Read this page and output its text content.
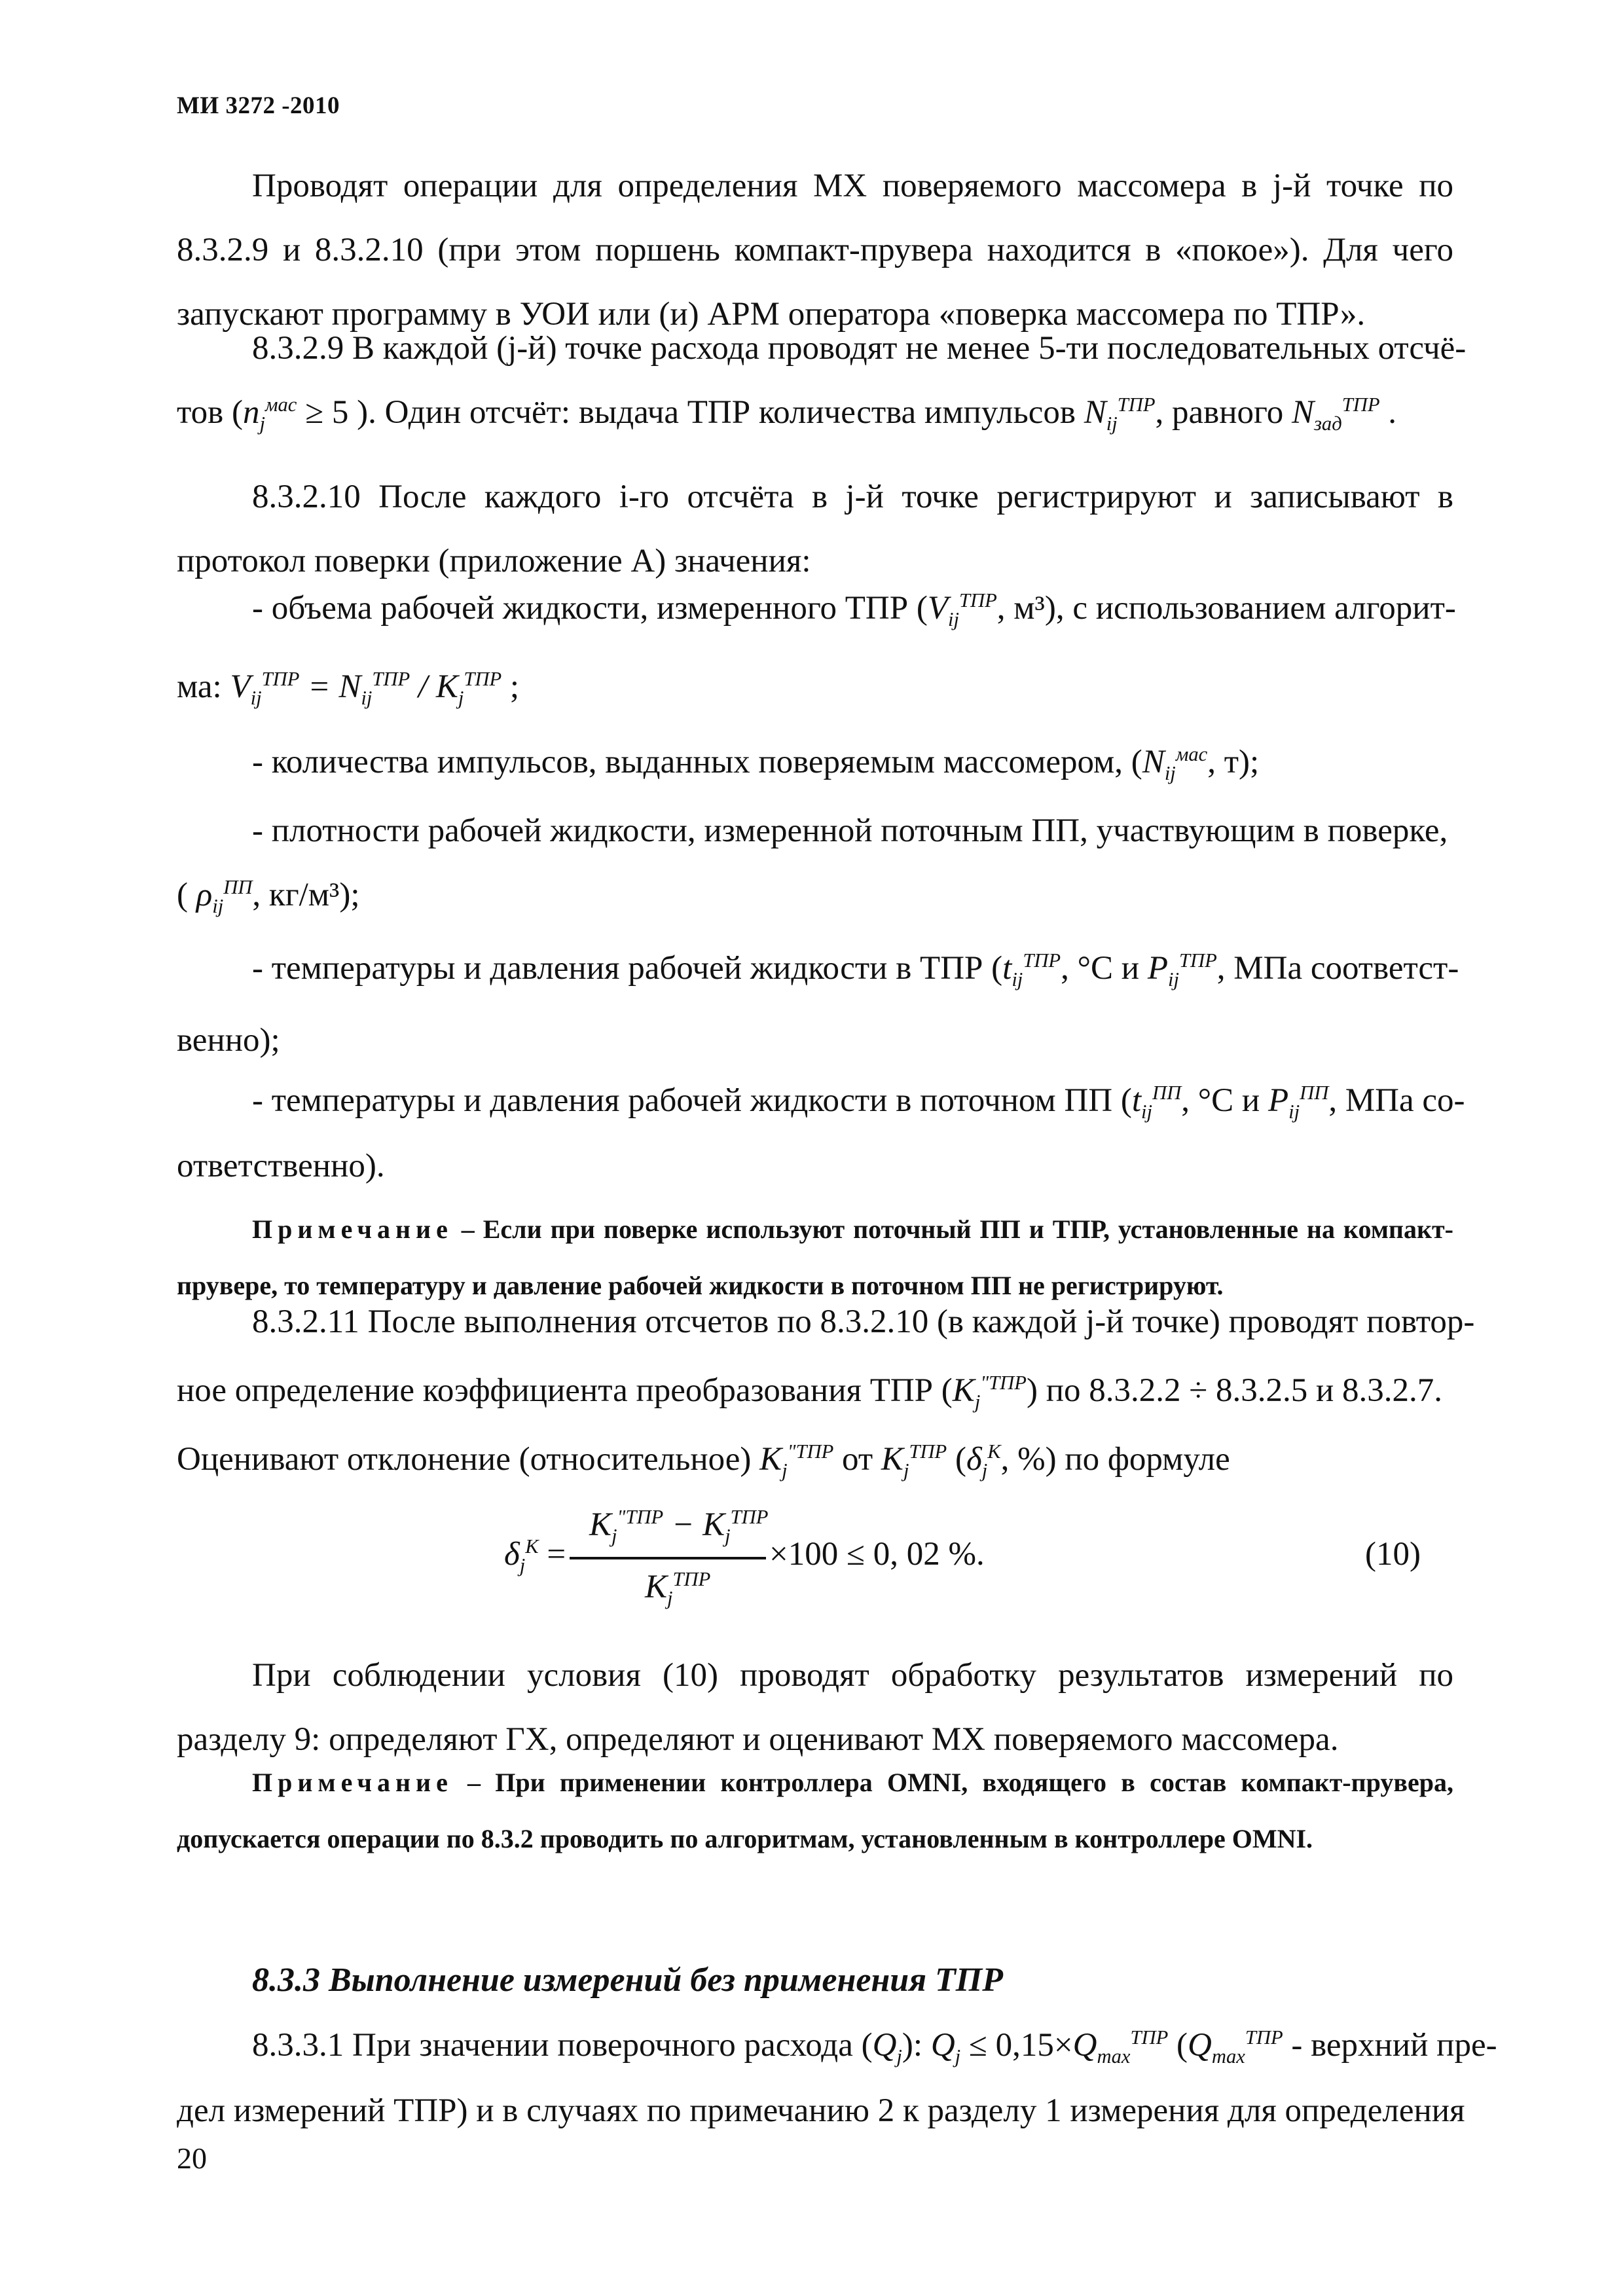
МИ 3272 -2010
Проводят операции для определения МХ поверяемого массомера в j-й точке по 8.3.2.9 и 8.3.2.10 (при этом поршень компакт-прувера находится в «покое»). Для чего запускают программу в УОИ или (и) АРМ оператора «поверка массомера по ТПР».
8.3.2.9 В каждой (j-й) точке расхода проводят не менее 5-ти последовательных отсчё-
тов ($n_j^{мас} \ge 5$ ). Один отсчёт: выдача ТПР количества импульсов $N_{ij}^{ТПР}$, равного $N_{зад}^{ТПР}$ .
8.3.2.10 После каждого i-го отсчёта в j-й точке регистрируют и записывают в протокол поверки (приложение А) значения:
- объема рабочей жидкости, измеренного ТПР ($V_{ij}^{ТПР}$, м³), с использованием алгорит-
ма: $V_{ij}^{ТПР} = N_{ij}^{ТПР} / K_j^{ТПР}$ ;
- количества импульсов, выданных поверяемым массомером, ($N_{ij}^{мас}$, т);
- плотности рабочей жидкости, измеренной поточным ПП, участвующим в поверке,
( $\rho_{ij}^{ПП}$, кг/м³);
- температуры и давления рабочей жидкости в ТПР ($t_{ij}^{ТПР}$, °С и $P_{ij}^{ТПР}$, МПа соответст-
венно);
- температуры и давления рабочей жидкости в поточном ПП ($t_{ij}^{ПП}$, °С и $P_{ij}^{ПП}$, МПа со-
ответственно).
Примечание – Если при поверке используют поточный ПП и ТПР, установленные на компакт-прувере, то температуру и давление рабочей жидкости в поточном ПП не регистрируют.
8.3.2.11 После выполнения отсчетов по 8.3.2.10 (в каждой j-й точке) проводят повтор-
ное определение коэффициента преобразования ТПР $(K_j^{"ТПР})$ по 8.3.2.2 ÷ 8.3.2.5 и 8.3.2.7.
Оценивают отклонение (относительное) $K_j^{"ТПР}$ от $K_j^{ТПР}$ ($\delta_j^K$, %) по формуле
$\delta_j^K$ =
$K_j^{"ТПР} - K_j^{ТПР}$
$K_j^{ТПР}$
×100 ≤ 0, 02 %.	(10)
При соблюдении условия (10) проводят обработку результатов измерений по разделу 9: определяют ГХ, определяют и оценивают МХ поверяемого массомера.
Примечание – При применении контроллера OMNI, входящего в состав компакт-прувера, допускается операции по 8.3.2 проводить по алгоритмам, установленным в контроллере OMNI.
8.3.3 Выполнение измерений без применения ТПР
8.3.3.1 При значении поверочного расхода $(Q_j)$: $Q_j \le 0,15\times Q_{max}^{ТПР}$ ($Q_{max}^{ТПР}$ - верхний пре-
дел измерений ТПР) и в случаях по примечанию 2 к разделу 1 измерения для определения
20
